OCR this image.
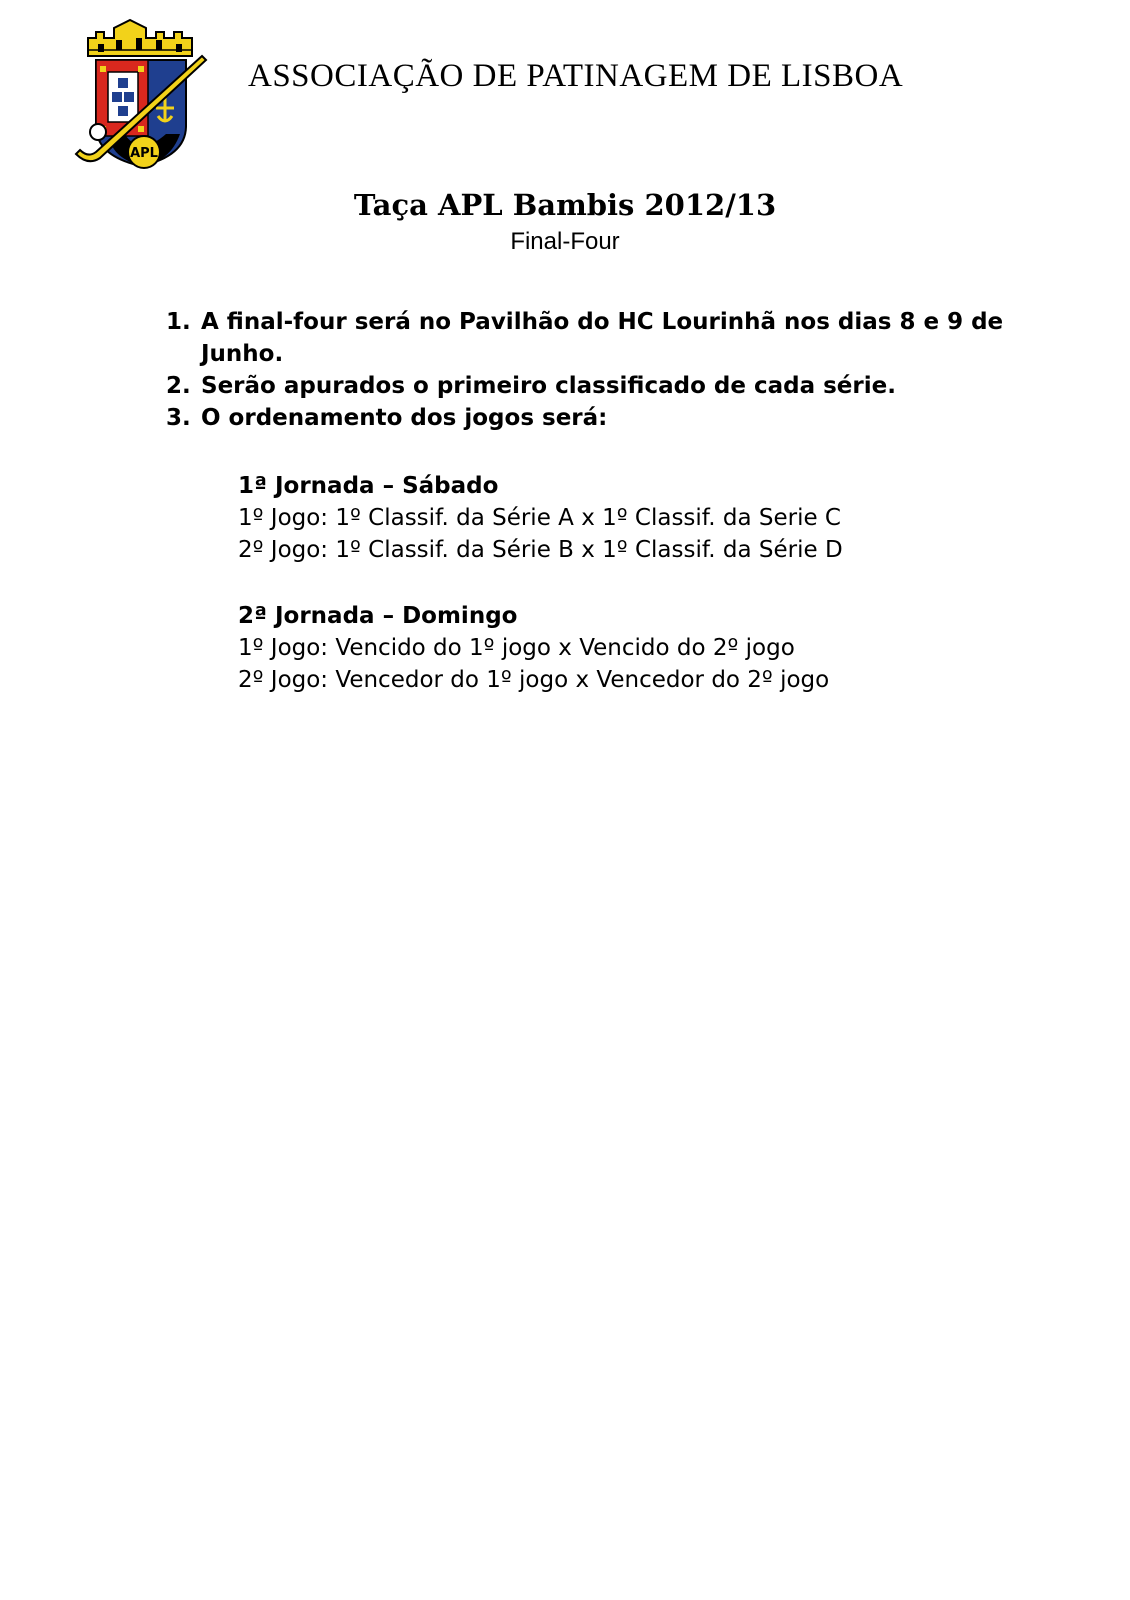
APL
ASSOCIAÇÃO DE PATINAGEM DE LISBOA
Taça APL Bambis 2012/13
Final-Four
1. A final-four será no Pavilhão do HC Lourinhã nos dias 8 e 9 de Junho.
2. Serão apurados o primeiro classificado de cada série.
3. O ordenamento dos jogos será:
1ª Jornada – Sábado
1º Jogo: 1º Classif. da Série A x 1º Classif. da Serie C
2º Jogo: 1º Classif. da Série B x 1º Classif. da Série D
2ª Jornada – Domingo
1º Jogo: Vencido do 1º jogo x Vencido do 2º jogo
2º Jogo: Vencedor do 1º jogo x Vencedor do 2º jogo
